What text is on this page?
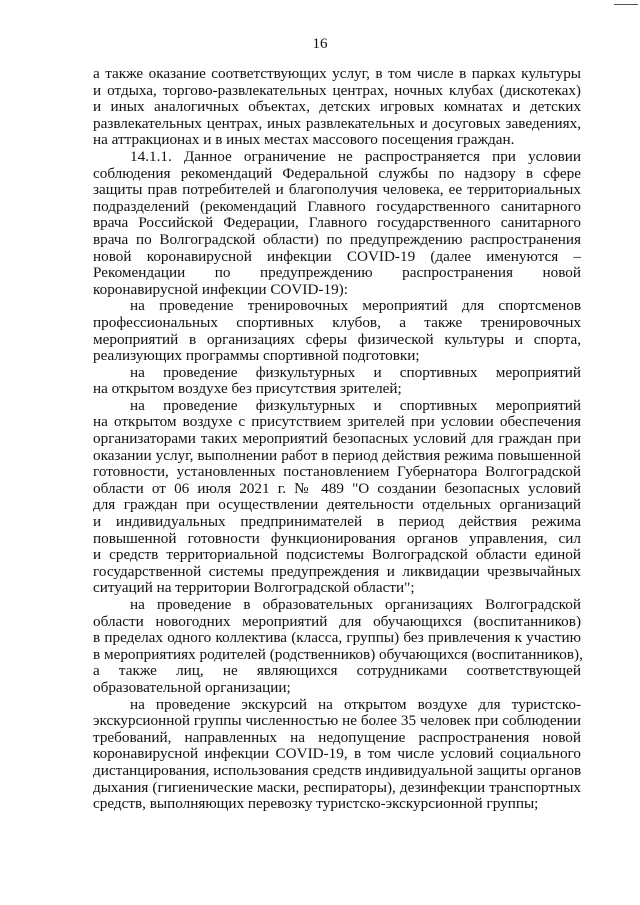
16

а также оказание соответствующих услуг, в том числе в парках культуры
и отдыха, торгово-развлекательных центрах, ночных клубах (дискотеках)
и иных аналогичных объектах, детских игровых комнатах и детских
развлекательных центрах, иных развлекательных и досуговых заведениях,
на аттракционах и в иных местах массового посещения граждан.

14.1.1. Данное ограничение не распространяется при условии
соблюдения рекомендаций Федеральной службы по надзору в сфере
защиты прав потребителей и благополучия человека, ее территориальных
подразделений (рекомендаций Главного государственного санитарного
врача Российской Федерации, Главного государственного санитарного
врача по Волгоградской области) по предупреждению распространения
новой коронавирусной инфекции COVID-19 (далее именуются –
Рекомендации по предупреждению распространения новой
коронавирусной инфекции COVID-19):

на проведение тренировочных мероприятий для спортсменов
профессиональных спортивных клубов, а также тренировочных
мероприятий в организациях сферы физической культуры и спорта,
реализующих программы спортивной подготовки;

на проведение физкультурных и спортивных мероприятий
на открытом воздухе без присутствия зрителей;

на проведение физкультурных и спортивных мероприятий
на открытом воздухе с присутствием зрителей при условии обеспечения
организаторами таких мероприятий безопасных условий для граждан при
оказании услуг, выполнении работ в период действия режима повышенной
готовности, установленных постановлением Губернатора Волгоградской
области от 06 июля 2021 г. № 489 "О создании безопасных условий
для граждан при осуществлении деятельности отдельных организаций
и индивидуальных предпринимателей в период действия режима
повышенной готовности функционирования органов управления, сил
и средств территориальной подсистемы Волгоградской области единой
государственной системы предупреждения и ликвидации чрезвычайных
ситуаций на территории Волгоградской области";

на проведение в образовательных организациях Волгоградской
области новогодних мероприятий для обучающихся (воспитанников)
в пределах одного коллектива (класса, группы) без привлечения к участию
в мероприятиях родителей (родственников) обучающихся (воспитанников),
а также лиц, не являющихся сотрудниками соответствующей
образовательной организации;

на проведение экскурсий на открытом воздухе для туристско-
экскурсионной группы численностью не более 35 человек при соблюдении
требований, направленных на недопущение распространения новой
коронавирусной инфекции COVID-19, в том числе условий социального
дистанцирования, использования средств индивидуальной защиты органов
дыхания (гигиенические маски, респираторы), дезинфекции транспортных
средств, выполняющих перевозку туристско-экскурсионной группы;
